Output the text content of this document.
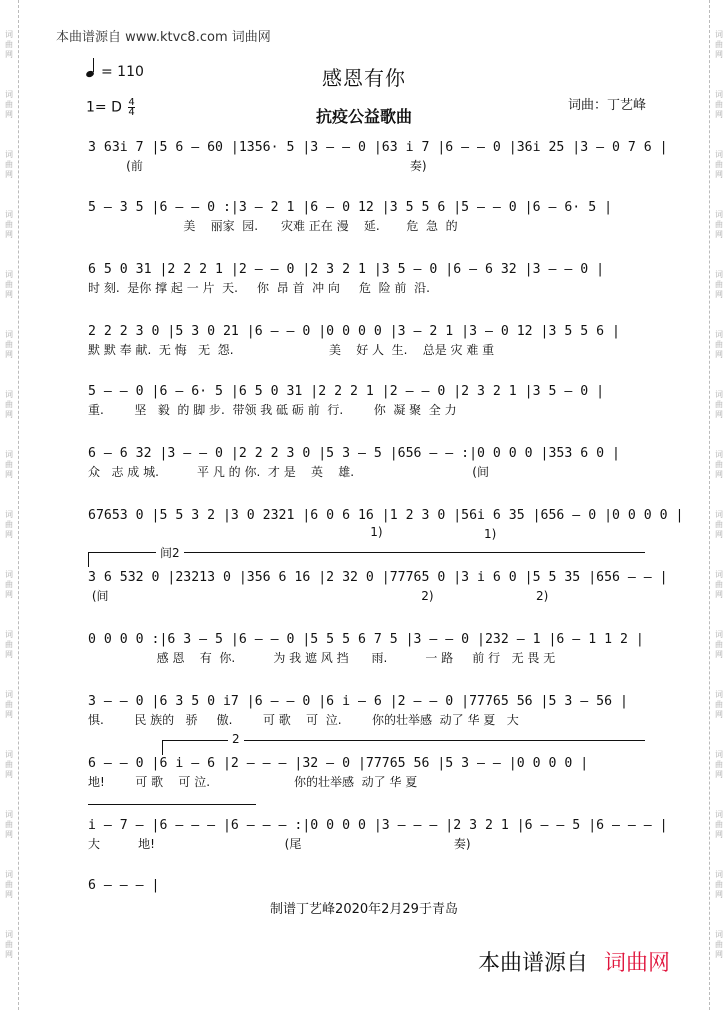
词
曲
网
词
曲
网
词
曲
网
词
曲
网
词
曲
网
词
曲
网
词
曲
网
词
曲
网
词
曲
网
词
曲
网
词
曲
网
词
曲
网
词
曲
网
词
曲
网
词
曲
网
词
曲
网
词
曲
网
词
曲
网
词
曲
网
词
曲
网
词
曲
网
词
曲
网
词
曲
网
词
曲
网
词
曲
网
词
曲
网
词
曲
网
词
曲
网
词
曲
网
词
曲
网
词
曲
网
词
曲
网
本曲谱源自 www.ktvc8.com 词曲网
= 110	感恩有你
1= D $\frac{4}{4}$	词曲：丁艺峰
抗疫公益歌曲
3 63i 7 |5 6 – 60 |1356· 5 |3 – – 0 |63 i 7 |6 – – 0 |36i 25 |3 – 0 7 6 |
(前                                                                      奏)
5 – 3 5 |6 – – 0 :|3 – 2 1 |6 – 0 12 |3 5 5 6 |5 – – 0 |6 – 6· 5 |
美    丽家  园.      灾难 正在 漫    延.       危  急  的
6 5 0 31 |2 2 2 1 |2 – – 0 |2 3 2 1 |3 5 – 0 |6 – 6 32 |3 – – 0 |
时 刻.  是你 撑 起 一 片  天.     你  昂 首  冲 向     危  险 前  沿.
2 2 2 3 0 |5 3 0 21 |6 – – 0 |0 0 0 0 |3 – 2 1 |3 – 0 12 |3 5 5 6 |
默 默 奉 献.  无 悔   无  怨.                         美    好 人  生.    总是 灾 难 重
5 – – 0 |6 – 6· 5 |6 5 0 31 |2 2 2 1 |2 – – 0 |2 3 2 1 |3 5 – 0 |
重.        坚   毅  的 脚 步.  带领 我 砥 砺 前  行.        你  凝 聚  全 力
6 – 6 32 |3 – – 0 |2 2 2 3 0 |5 3 – 5 |656 – – :|0 0 0 0 |353 6 0 |
众   志 成 城.          平 凡 的 你.  才 是    英    雄.                               (间
67653 0 |5 5 3 2 |3 0 2321 |6 0 6 16 |1 2 3 0 |56i 6 35 |656 – 0 |0 0 0 0 |
1)
3 6 532 0 |23213 0 |356 6 16 |2 32 0 |77765 0 |3 i 6 0 |5 5 35 |656 – – |
(间                                                                                  2)
0 0 0 0 :|6 3 – 5 |6 – – 0 |5 5 5 6 7 5 |3 – – 0 |232 – 1 |6 – 1 1 2 |
感 恩    有  你.          为 我 遮 风 挡      雨.          一 路     前 行   无 畏 无
3 – – 0 |6 3 5 0 i7 |6 – – 0 |6 i – 6 |2 – – 0 |77765 56 |5 3 – 56 |
惧.        民 族的   骄     傲.        可 歌    可  泣.        你的壮举感  动了 华 夏   大
6 – – 0 |6 i – 6 |2 – – – |32 – 0 |77765 56 |5 3 – – |0 0 0 0 |
地!        可 歌    可 泣.                      你的壮举感  动了 华 夏
i – 7 – |6 – – – |6 – – – :|0 0 0 0 |3 – – – |2 3 2 1 |6 – – 5 |6 – – – |
大          地!                                  (尾                                        奏)
6 – – – |
间2
1)
2)
2
制谱丁艺峰2020年2月29于青岛
本曲谱源自 词曲网
